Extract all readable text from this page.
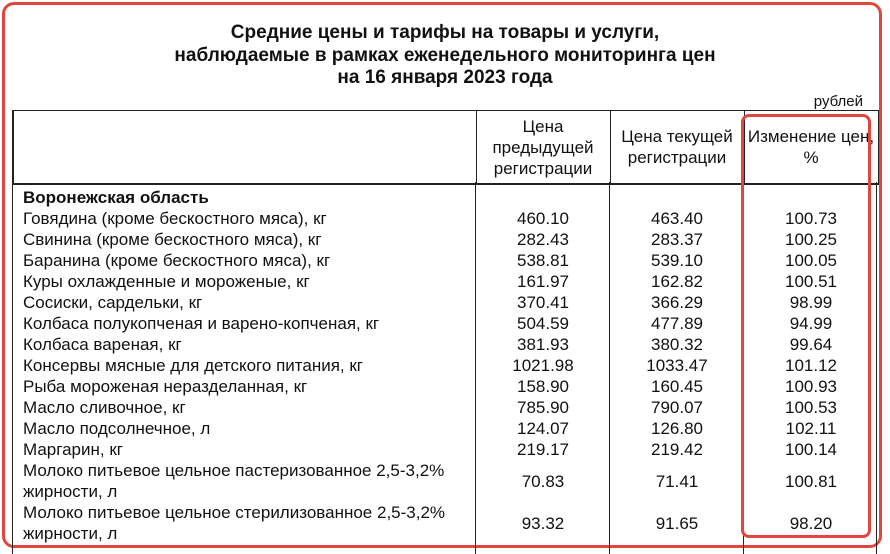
Средние цены и тарифы на товары и услуги,
наблюдаемые в рамках еженедельного мониторинга цен
на 16 января 2023 года
рублей
	Цена предыдущей регистрации	Цена текущей регистрации	Изменение цен, %
Воронежская область			
Говядина (кроме бескостного мяса), кг	460.10	463.40	100.73
Свинина (кроме бескостного мяса), кг	282.43	283.37	100.25
Баранина (кроме бескостного мяса), кг	538.81	539.10	100.05
Куры охлажденные и мороженые, кг	161.97	162.82	100.51
Сосиски, сардельки, кг	370.41	366.29	98.99
Колбаса полукопченая и варено-копченая, кг	504.59	477.89	94.99
Колбаса вареная, кг	381.93	380.32	99.64
Консервы мясные для детского питания, кг	1021.98	1033.47	101.12
Рыба мороженая неразделанная, кг	158.90	160.45	100.93
Масло сливочное, кг	785.90	790.07	100.53
Масло подсолнечное, л	124.07	126.80	102.11
Маргарин, кг	219.17	219.42	100.14
Молоко питьевое цельное пастеризованное 2,5-3,2% жирности, л	70.83	71.41	100.81
Молоко питьевое цельное стерилизованное 2,5-3,2% жирности, л	93.32	91.65	98.20
